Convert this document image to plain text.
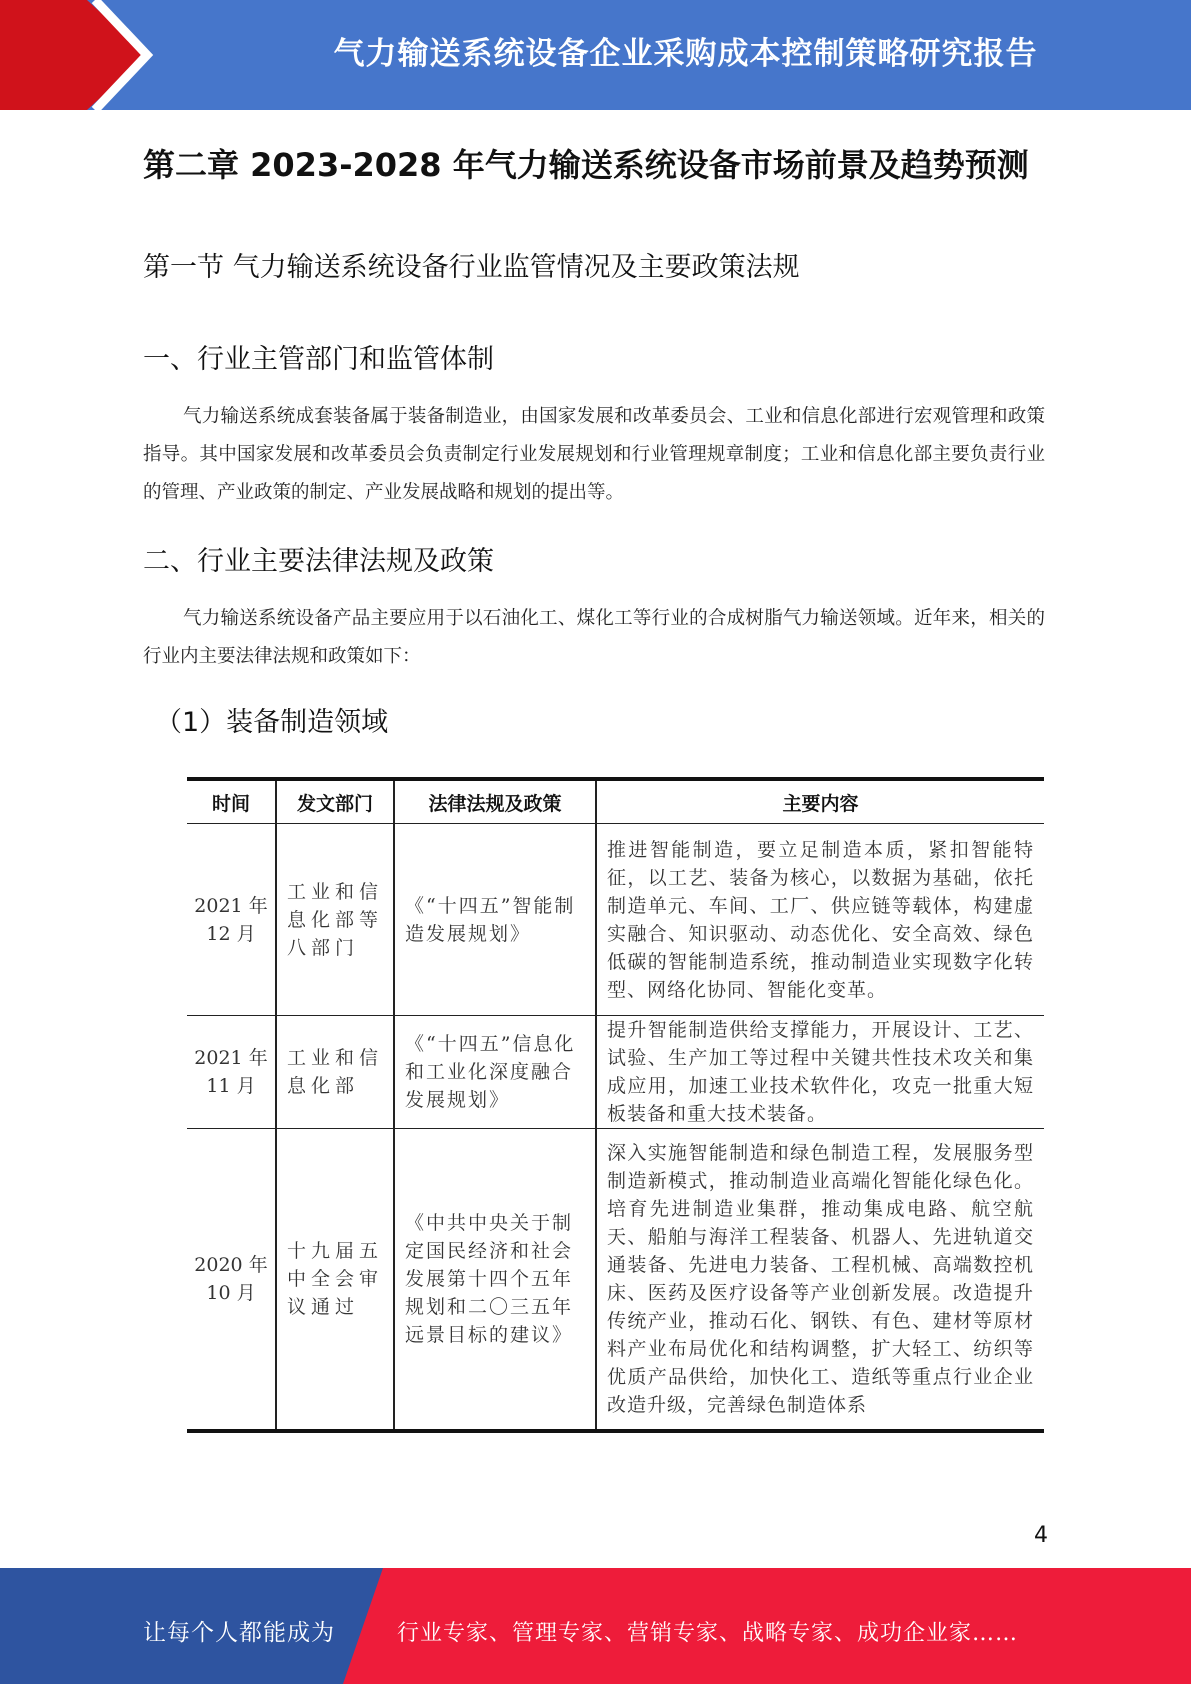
气力输送系统设备企业采购成本控制策略研究报告
第二章 2023-2028 年气力输送系统设备市场前景及趋势预测
第一节 气力输送系统设备行业监管情况及主要政策法规
一、行业主管部门和监管体制
气力输送系统成套装备属于装备制造业，由国家发展和改革委员会、工业和信息化部进行宏观管理和政策指导。其中国家发展和改革委员会负责制定行业发展规划和行业管理规章制度；工业和信息化部主要负责行业的管理、产业政策的制定、产业发展战略和规划的提出等。
二、行业主要法律法规及政策
气力输送系统设备产品主要应用于以石油化工、煤化工等行业的合成树脂气力输送领域。近年来，相关的行业内主要法律法规和政策如下：
（1）装备制造领域
时间	发文部门	法律法规及政策	主要内容
2021 年
12 月	工业和信息化部等八部门	《“十四五”智能制造发展规划》	推进智能制造，要立足制造本质，紧扣智能特征，以工艺、装备为核心，以数据为基础，依托制造单元、车间、工厂、供应链等载体，构建虚实融合、知识驱动、动态优化、安全高效、绿色低碳的智能制造系统，推动制造业实现数字化转型、网络化协同、智能化变革。
2021 年
11 月	工业和信息化部	《“十四五”信息化和工业化深度融合发展规划》	提升智能制造供给支撑能力，开展设计、工艺、试验、生产加工等过程中关键共性技术攻关和集成应用，加速工业技术软件化，攻克一批重大短板装备和重大技术装备。
2020 年
10 月	十九届五中全会审议通过	《中共中央关于制定国民经济和社会发展第十四个五年规划和二〇三五年远景目标的建议》	深入实施智能制造和绿色制造工程，发展服务型制造新模式，推动制造业高端化智能化绿色化。培育先进制造业集群，推动集成电路、航空航天、船舶与海洋工程装备、机器人、先进轨道交通装备、先进电力装备、工程机械、高端数控机床、医药及医疗设备等产业创新发展。改造提升传统产业，推动石化、钢铁、有色、建材等原材料产业布局优化和结构调整，扩大轻工、纺织等优质产品供给，加快化工、造纸等重点行业企业改造升级，完善绿色制造体系
4
让每个人都能成为	行业专家、管理专家、营销专家、战略专家、成功企业家……
